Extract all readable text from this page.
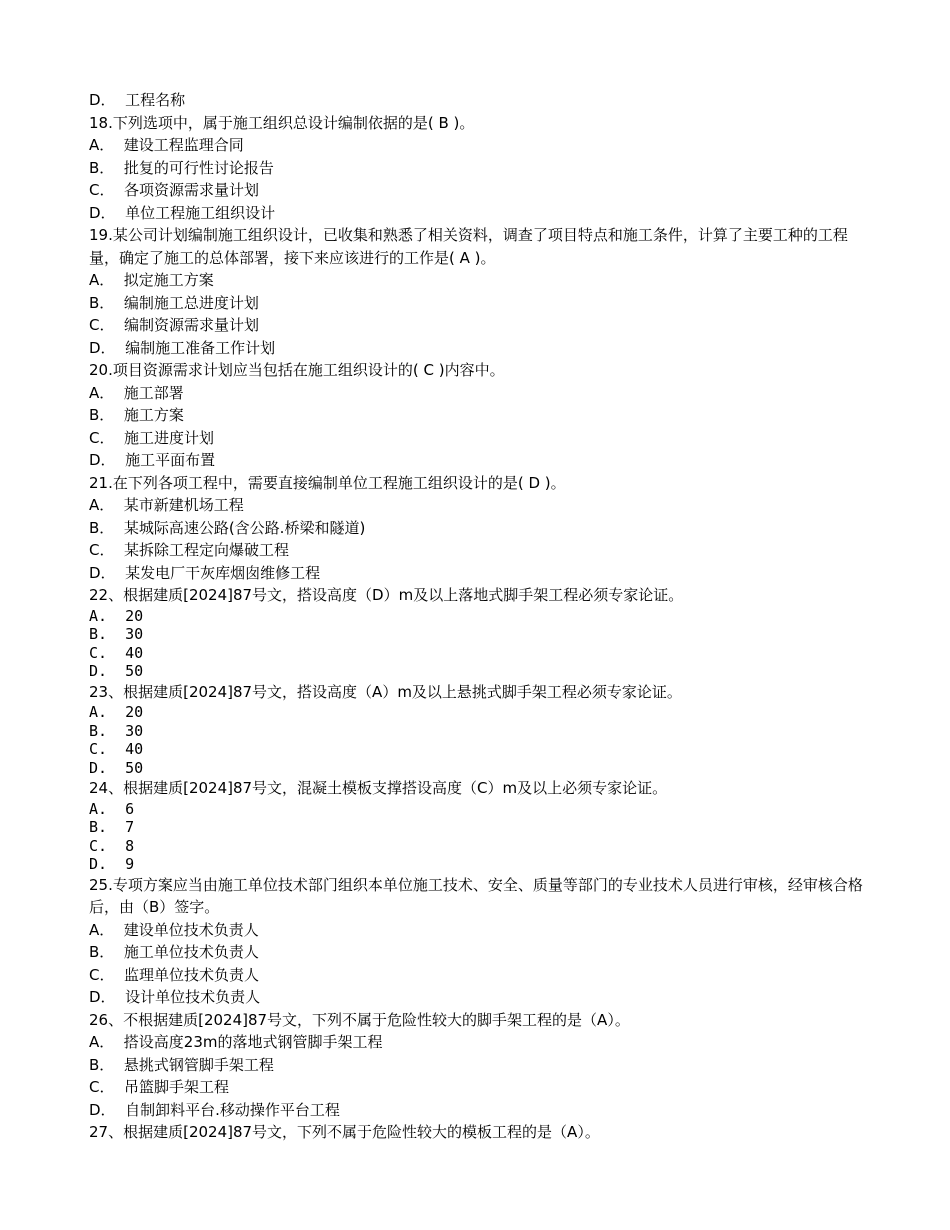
D．  工程名称
18.下列选项中，属于施工组织总设计编制依据的是( B )。
A．  建设工程监理合同
B．  批复的可行性讨论报告
C．  各项资源需求量计划
D．  单位工程施工组织设计
19.某公司计划编制施工组织设计，已收集和熟悉了相关资料，调查了项目特点和施工条件，计算了主要工种的工程量，确定了施工的总体部署，接下来应该进行的工作是( A )。
A．  拟定施工方案
B．  编制施工总进度计划
C．  编制资源需求量计划
D．  编制施工准备工作计划
20.项目资源需求计划应当包括在施工组织设计的( C )内容中。
A．  施工部署
B．  施工方案
C．  施工进度计划
D．  施工平面布置
21.在下列各项工程中，需要直接编制单位工程施工组织设计的是( D )。
A．  某市新建机场工程
B．  某城际高速公路(含公路.桥梁和隧道)
C．  某拆除工程定向爆破工程
D．  某发电厂干灰库烟囱维修工程
22、根据建质[2024]87号文，搭设高度（D）m及以上落地式脚手架工程必须专家论证。
A.  20
B.  30
C.  40
D.  50
23、根据建质[2024]87号文，搭设高度（A）m及以上悬挑式脚手架工程必须专家论证。
A.  20
B.  30
C.  40
D.  50
24、根据建质[2024]87号文，混凝土模板支撑搭设高度（C）m及以上必须专家论证。
A.  6
B.  7
C.  8
D.  9
25.专项方案应当由施工单位技术部门组织本单位施工技术、安全、质量等部门的专业技术人员进行审核，经审核合格后，由（B）签字。
A．  建设单位技术负责人
B．  施工单位技术负责人
C．  监理单位技术负责人
D．  设计单位技术负责人
26、不根据建质[2024]87号文，下列不属于危险性较大的脚手架工程的是（A）。
A．  搭设高度23m的落地式钢管脚手架工程
B．  悬挑式钢管脚手架工程
C．  吊篮脚手架工程
D．  自制卸料平台.移动操作平台工程
27、根据建质[2024]87号文，下列不属于危险性较大的模板工程的是（A）。
